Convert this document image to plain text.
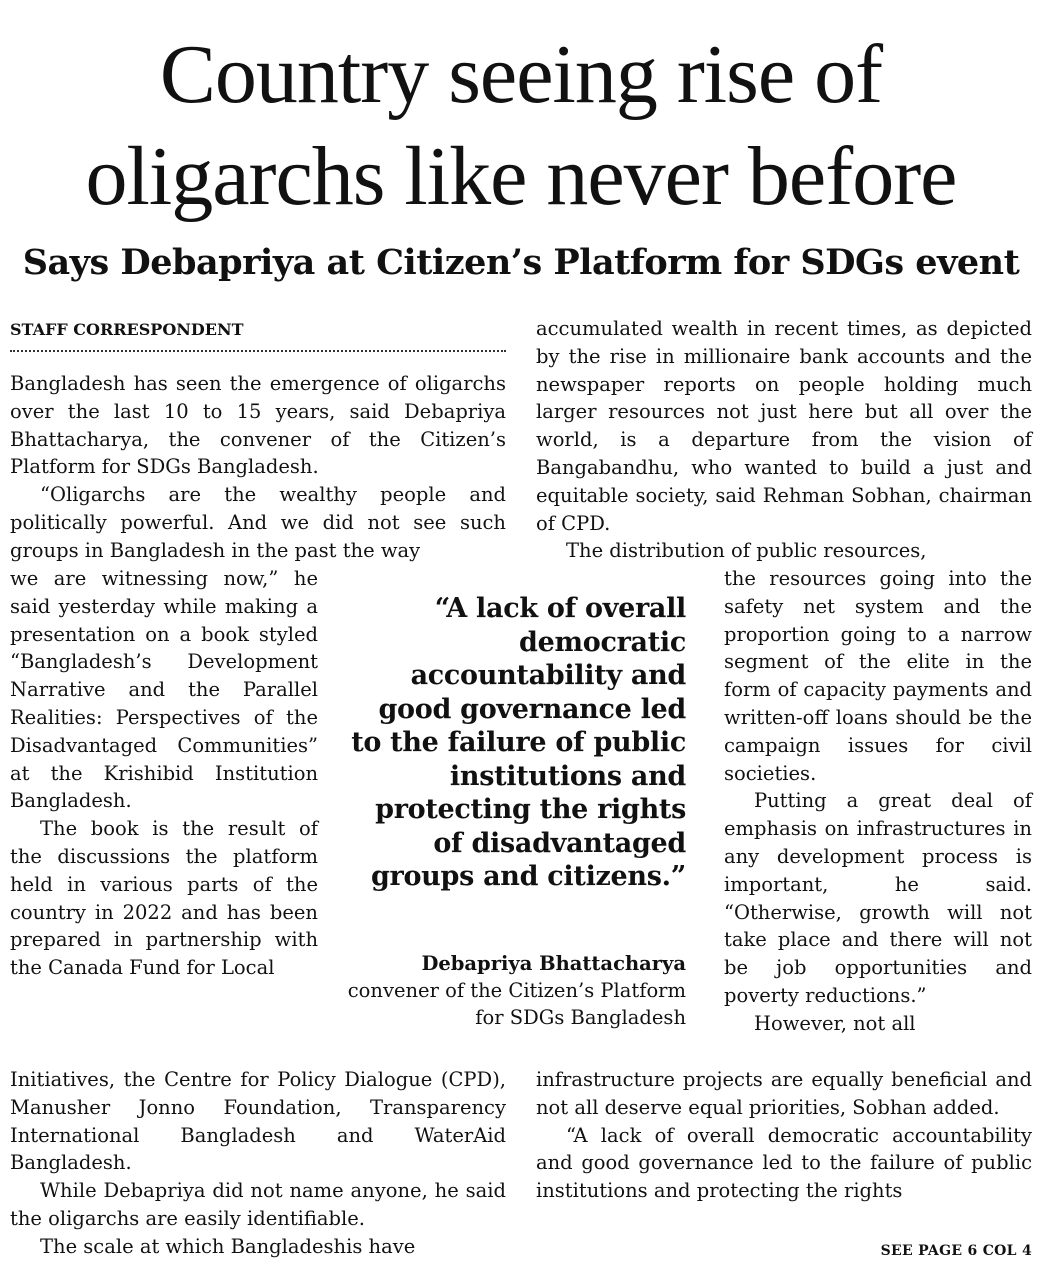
Country seeing rise of
oligarchs like never before
Says Debapriya at Citizen’s Platform for SDGs event
STAFF CORRESPONDENT

Bangladesh has seen the emergence of oligarchs over the last 10 to 15 years, said Debapriya Bhattacharya, the convener of the Citizen’s Platform for SDGs Bangladesh.

“Oligarchs are the wealthy people and politically powerful. And we did not see such groups in Bangladesh in the past the way

we are witnessing now,” he said yesterday while making a presentation on a book styled “Bangladesh’s Development Narrative and the Parallel Realities: Perspectives of the Disadvantaged Communities” at the Krishibid Institution Bangladesh.

The book is the result of the discussions the platform held in various parts of the country in 2022 and has been prepared in partnership with the Canada Fund for Local

Initiatives, the Centre for Policy Dialogue (CPD), Manusher Jonno Foundation, Transparency International Bangladesh and WaterAid Bangladesh.

While Debapriya did not name anyone, he said the oligarchs are easily identifiable.

The scale at which Bangladeshis have

accumulated wealth in recent times, as depicted by the rise in millionaire bank accounts and the newspaper reports on people holding much larger resources not just here but all over the world, is a departure from the vision of Bangabandhu, who wanted to build a just and equitable society, said Rehman Sobhan, chairman of CPD.

The distribution of public resources,

the resources going into the safety net system and the proportion going to a narrow segment of the elite in the form of capacity payments and written-off loans should be the campaign issues for civil societies.

Putting a great deal of emphasis on infrastructures in any development process is important, he said. “Otherwise, growth will not take place and there will not be job opportunities and poverty reductions.”

However, not all

infrastructure projects are equally beneficial and not all deserve equal priorities, Sobhan added.

“A lack of overall democratic accountability and good governance led to the failure of public institutions and protecting the rights

“A lack of overall democratic accountability and good governance led to the failure of public institutions and protecting the rights of disadvantaged groups and citizens.”
Debapriya Bhattacharya
convener of the Citizen’s Platform for SDGs Bangladesh
SEE PAGE 6 COL 4
